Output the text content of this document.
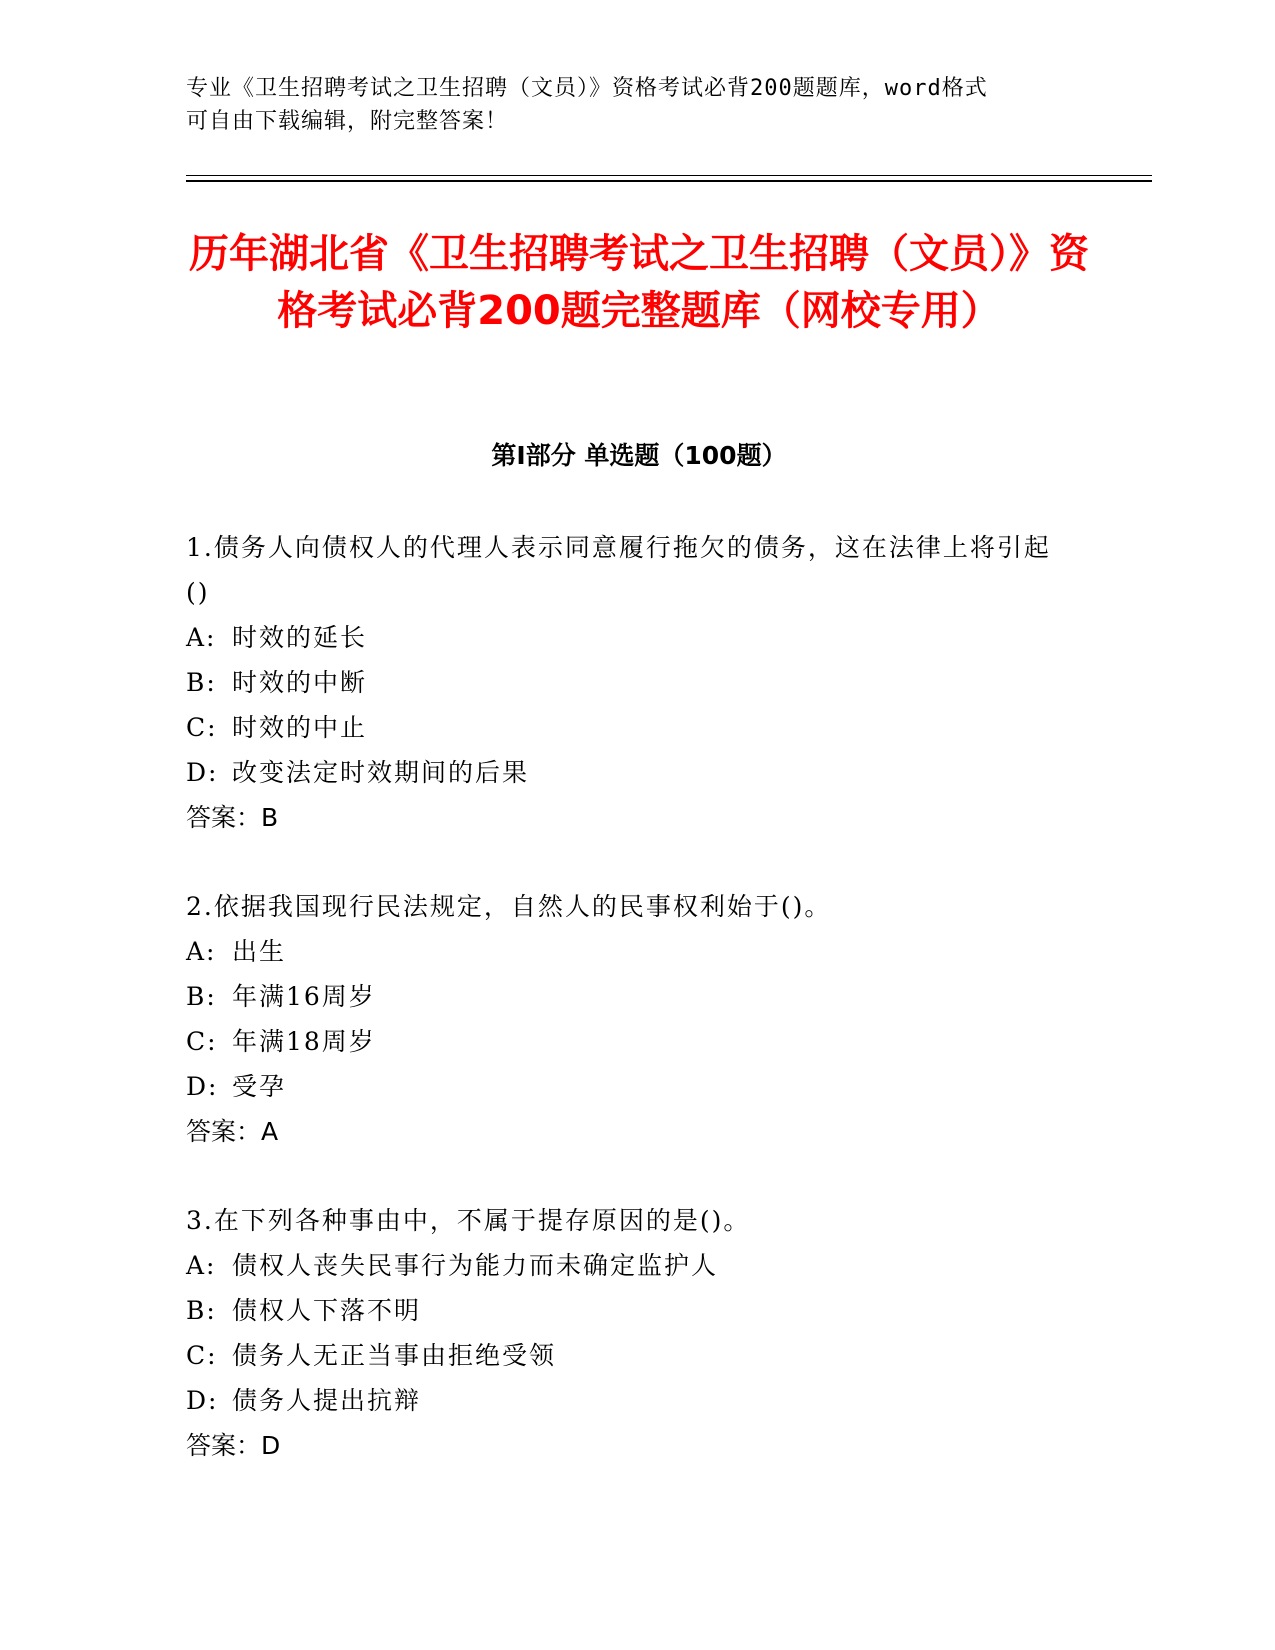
专业《卫生招聘考试之卫生招聘（文员）》资格考试必背200题题库，word格式

可自由下载编辑，附完整答案！

历年湖北省《卫生招聘考试之卫生招聘（文员）》资格考试必背200题完整题库（网校专用）
第I部分 单选题（100题）

1.债务人向债权人的代理人表示同意履行拖欠的债务，这在法律上将引起()

A: 时效的延长
B: 时效的中断
C: 时效的中止
D: 改变法定时效期间的后果

答案：B

2.依据我国现行民法规定，自然人的民事权利始于()。

A: 出生
B: 年满16周岁
C: 年满18周岁
D: 受孕

答案：A

3.在下列各种事由中，不属于提存原因的是()。

A: 债权人丧失民事行为能力而未确定监护人
B: 债权人下落不明
C: 债务人无正当事由拒绝受领
D: 债务人提出抗辩

答案：D
